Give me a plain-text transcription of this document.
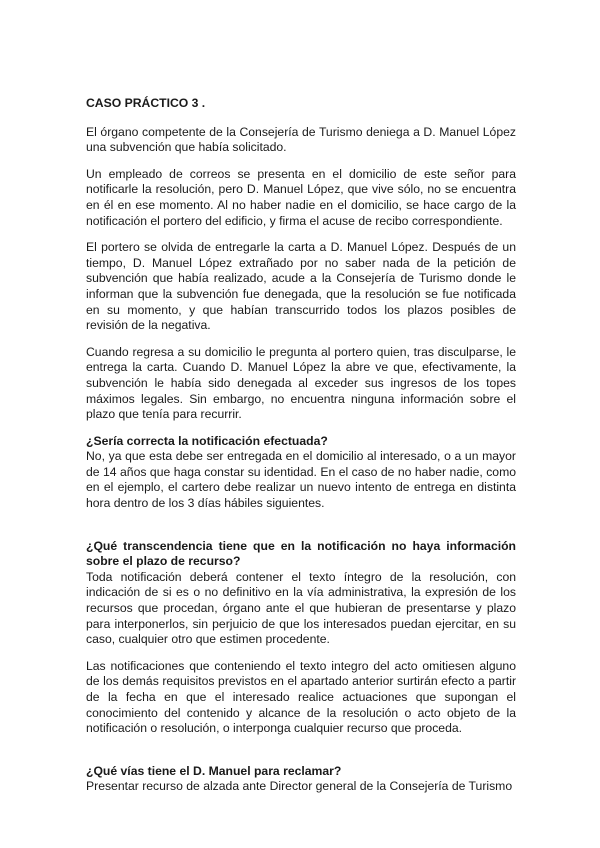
CASO PRÁCTICO 3 .

El órgano competente de la Consejería de Turismo deniega a D. Manuel López una subvención que había solicitado.

Un empleado de correos se presenta en el domicilio de este señor para notificarle la resolución, pero D. Manuel López, que vive sólo, no se encuentra en él en ese momento. Al no haber nadie en el domicilio, se hace cargo de la notificación el portero del edificio, y firma el acuse de recibo correspondiente.

El portero se olvida de entregarle la carta a D. Manuel López. Después de un tiempo, D. Manuel López extrañado por no saber nada de la petición de subvención que había realizado, acude a la Consejería de Turismo donde le informan que la subvención fue denegada, que la resolución se fue notificada en su momento, y que habían transcurrido todos los plazos posibles de revisión de la negativa.

Cuando regresa a su domicilio le pregunta al portero quien, tras disculparse, le entrega la carta. Cuando D. Manuel López la abre ve que, efectivamente, la subvención le había sido denegada al exceder sus ingresos de los topes máximos legales. Sin embargo, no encuentra ninguna información sobre el plazo que tenía para recurrir.

¿Sería correcta la notificación efectuada?
No, ya que esta debe ser entregada en el domicilio al interesado, o a un mayor de 14 años que haga constar su identidad. En el caso de no haber nadie, como en el ejemplo, el cartero debe realizar un nuevo intento de entrega en distinta hora dentro de los 3 días hábiles siguientes.
¿Qué transcendencia tiene que en la notificación no haya información sobre el plazo de recurso?
Toda notificación deberá contener el texto íntegro de la resolución, con indicación de si es o no definitivo en la vía administrativa, la expresión de los recursos que procedan, órgano ante el que hubieran de presentarse y plazo para interponerlos, sin perjuicio de que los interesados puedan ejercitar, en su caso, cualquier otro que estimen procedente.
Las notificaciones que conteniendo el texto integro del acto omitiesen alguno de los demás requisitos previstos en el apartado anterior surtirán efecto a partir de la fecha en que el interesado realice actuaciones que supongan el conocimiento del contenido y alcance de la resolución o acto objeto de la notificación o resolución, o interponga cualquier recurso que proceda.
¿Qué vías tiene el D. Manuel para reclamar?
Presentar recurso de alzada ante Director general de la Consejería de Turismo
